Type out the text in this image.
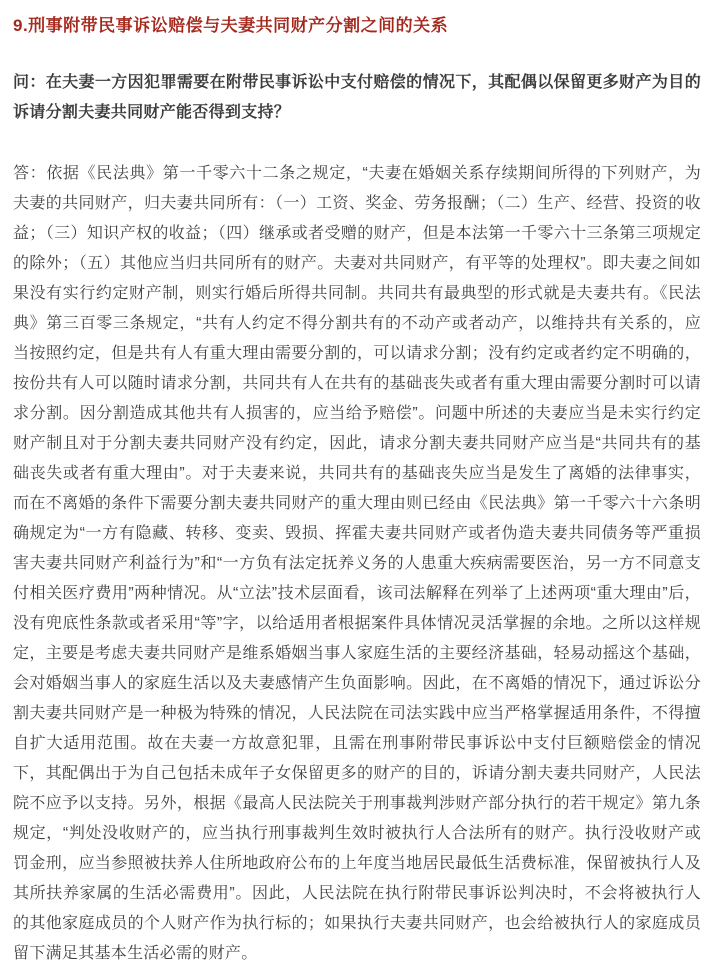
9.刑事附带民事诉讼赔偿与夫妻共同财产分割之间的关系

问：在夫妻一方因犯罪需要在附带民事诉讼中支付赔偿的情况下，其配偶以保留更多财产为目的诉请分割夫妻共同财产能否得到支持？

答：依据《民法典》第一千零六十二条之规定，“夫妻在婚姻关系存续期间所得的下列财产，为夫妻的共同财产，归夫妻共同所有：（一）工资、奖金、劳务报酬；（二）生产、经营、投资的收益；（三）知识产权的收益；（四）继承或者受赠的财产，但是本法第一千零六十三条第三项规定的除外；（五）其他应当归共同所有的财产。夫妻对共同财产，有平等的处理权”。即夫妻之间如果没有实行约定财产制，则实行婚后所得共同制。共同共有最典型的形式就是夫妻共有。《民法典》第三百零三条规定，“共有人约定不得分割共有的不动产或者动产，以维持共有关系的，应当按照约定，但是共有人有重大理由需要分割的，可以请求分割；没有约定或者约定不明确的，按份共有人可以随时请求分割，共同共有人在共有的基础丧失或者有重大理由需要分割时可以请求分割。因分割造成其他共有人损害的，应当给予赔偿”。问题中所述的夫妻应当是未实行约定财产制且对于分割夫妻共同财产没有约定，因此，请求分割夫妻共同财产应当是“共同共有的基础丧失或者有重大理由”。对于夫妻来说，共同共有的基础丧失应当是发生了离婚的法律事实，而在不离婚的条件下需要分割夫妻共同财产的重大理由则已经由《民法典》第一千零六十六条明确规定为“一方有隐藏、转移、变卖、毁损、挥霍夫妻共同财产或者伪造夫妻共同债务等严重损害夫妻共同财产利益行为”和“一方负有法定抚养义务的人患重大疾病需要医治，另一方不同意支付相关医疗费用”两种情况。从“立法”技术层面看，该司法解释在列举了上述两项“重大理由”后，没有兜底性条款或者采用“等”字，以给适用者根据案件具体情况灵活掌握的余地。之所以这样规定，主要是考虑夫妻共同财产是维系婚姻当事人家庭生活的主要经济基础，轻易动摇这个基础，会对婚姻当事人的家庭生活以及夫妻感情产生负面影响。因此，在不离婚的情况下，通过诉讼分割夫妻共同财产是一种极为特殊的情况，人民法院在司法实践中应当严格掌握适用条件，不得擅自扩大适用范围。故在夫妻一方故意犯罪，且需在刑事附带民事诉讼中支付巨额赔偿金的情况下，其配偶出于为自己包括未成年子女保留更多的财产的目的，诉请分割夫妻共同财产，人民法院不应予以支持。另外，根据《最高人民法院关于刑事裁判涉财产部分执行的若干规定》第九条规定，“判处没收财产的，应当执行刑事裁判生效时被执行人合法所有的财产。执行没收财产或罚金刑，应当参照被扶养人住所地政府公布的上年度当地居民最低生活费标准，保留被执行人及其所扶养家属的生活必需费用”。因此，人民法院在执行附带民事诉讼判决时，不会将被执行人的其他家庭成员的个人财产作为执行标的；如果执行夫妻共同财产，也会给被执行人的家庭成员留下满足其基本生活必需的财产。
